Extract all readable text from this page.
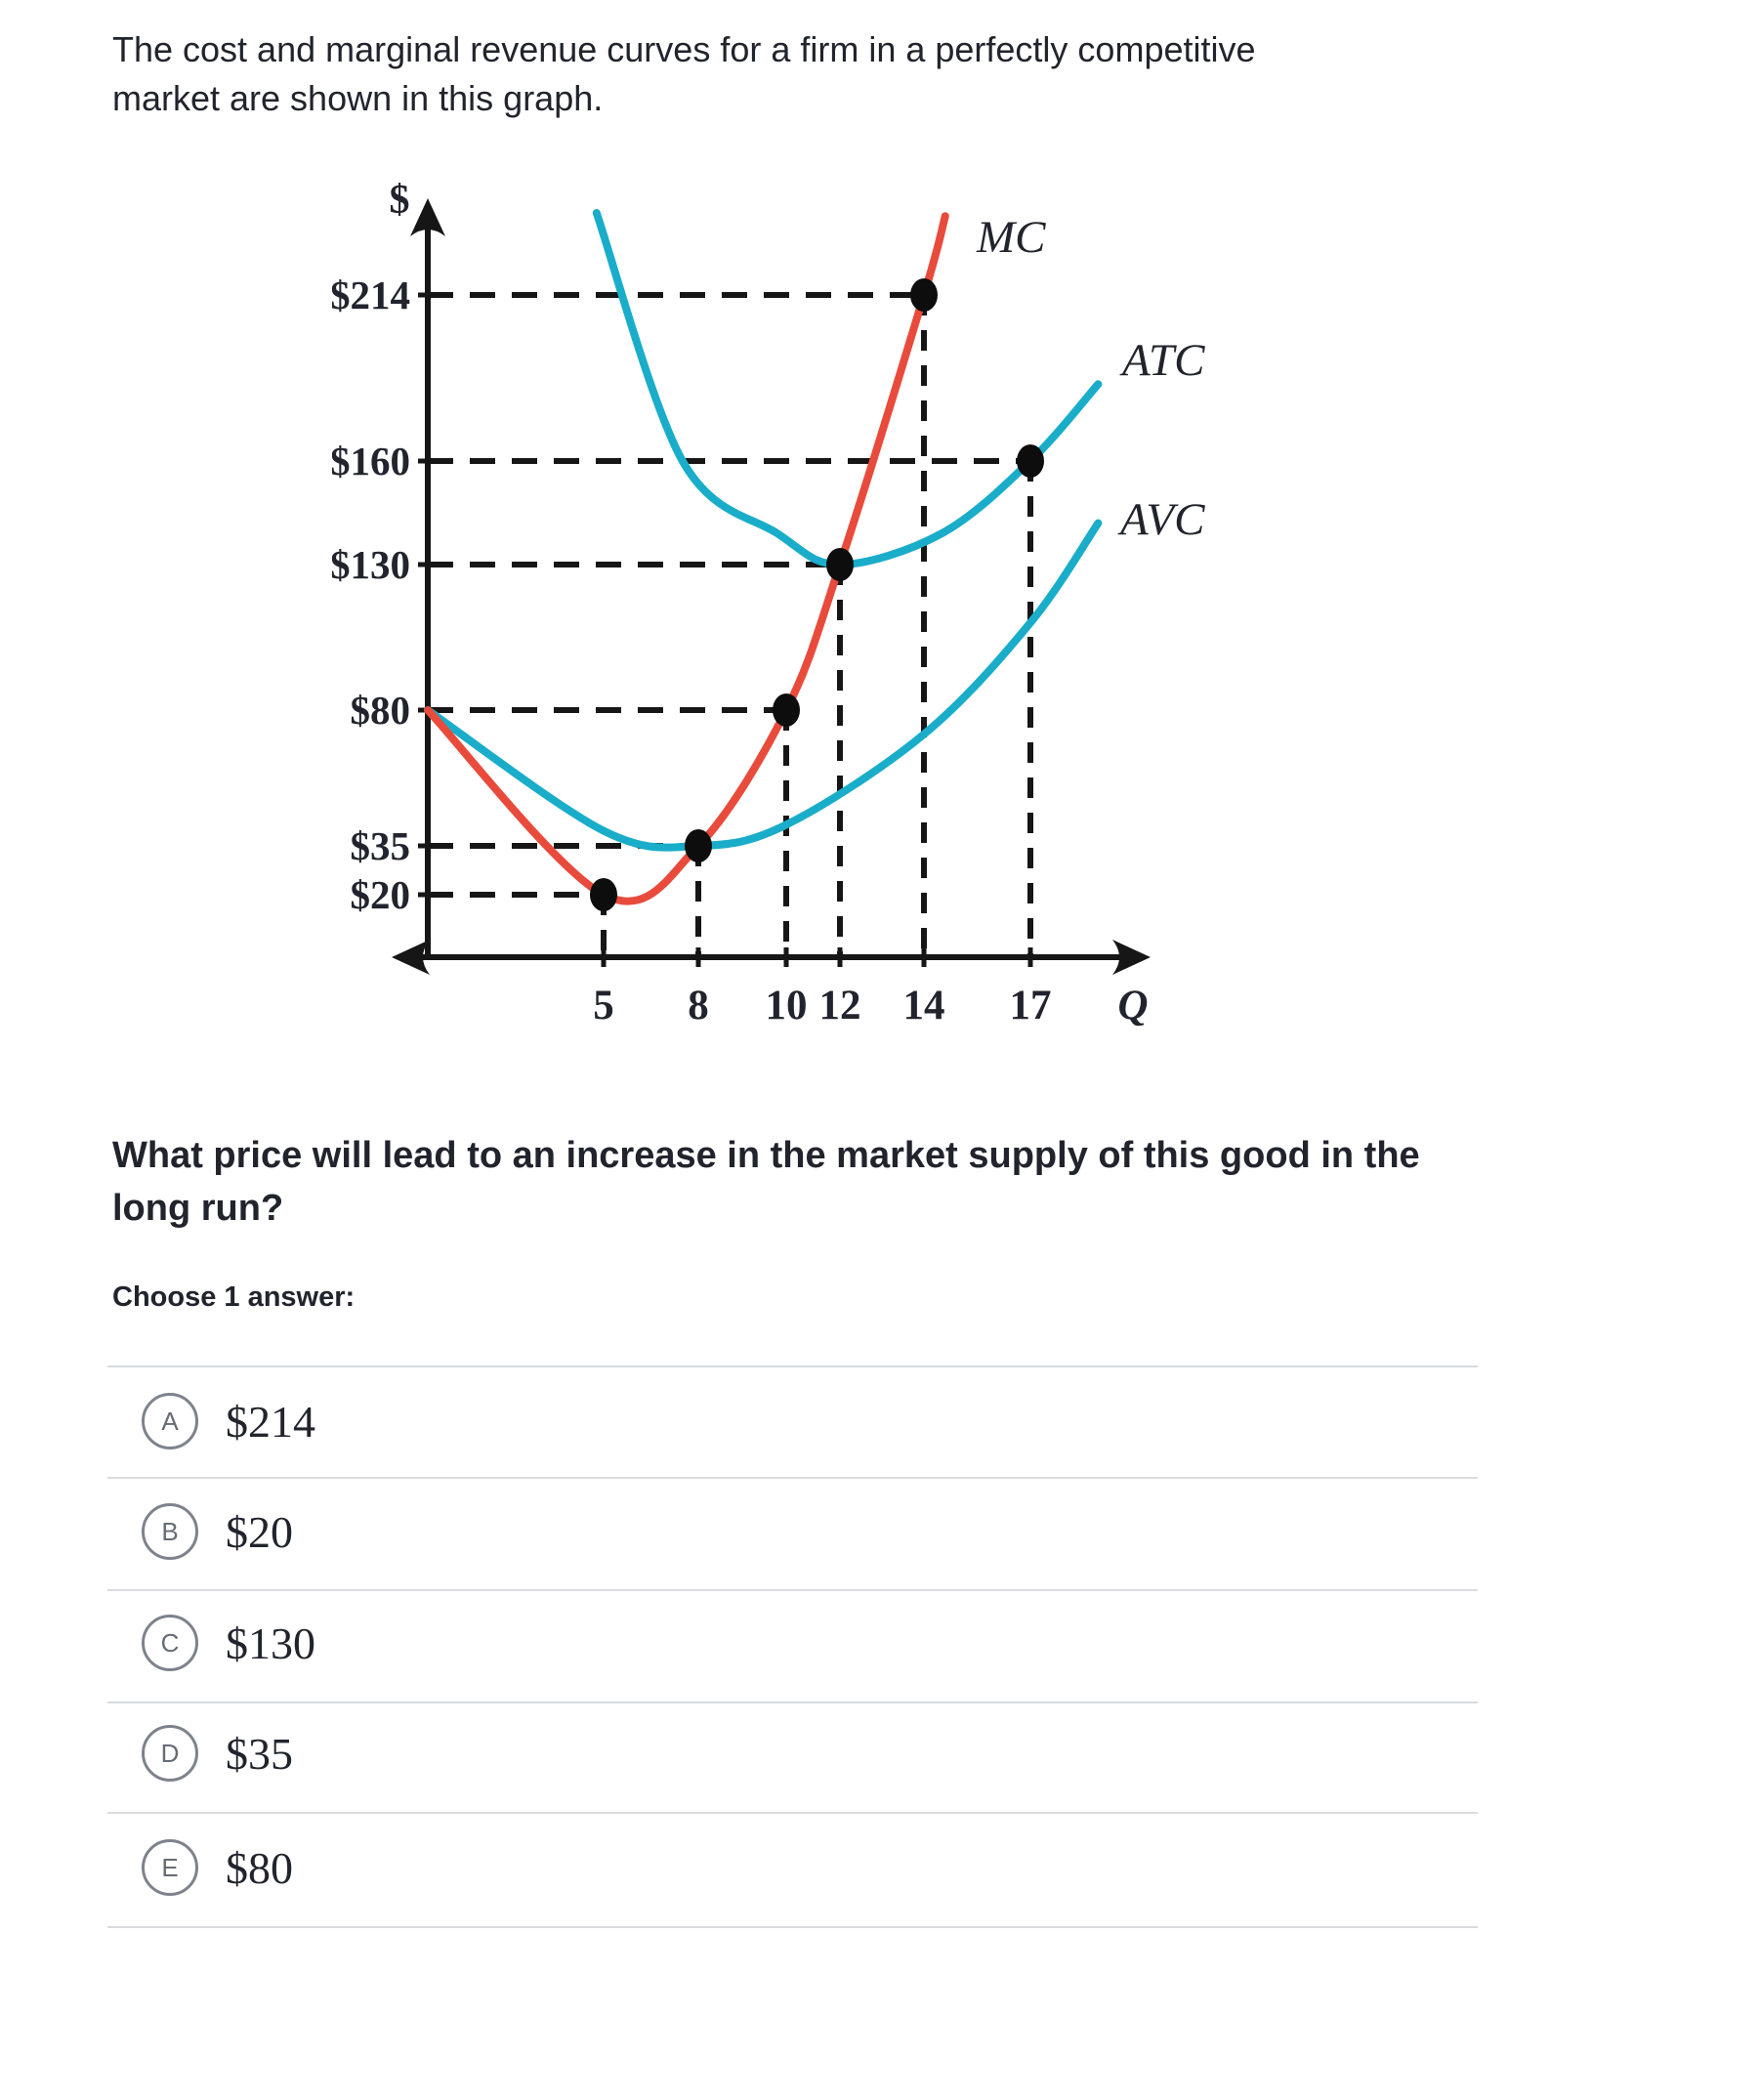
The cost and marginal revenue curves for a firm in a perfectly competitive
market are shown in this graph.
$20
$35
$80
$130
$160
$214
5 8 10 12 14 17
$
Q
MC
ATC
AVC
What price will lead to an increase in the market supply of this good in the
long run?
Choose 1 answer:
A	$214
B	$20
C	$130
D	$35
E	$80
